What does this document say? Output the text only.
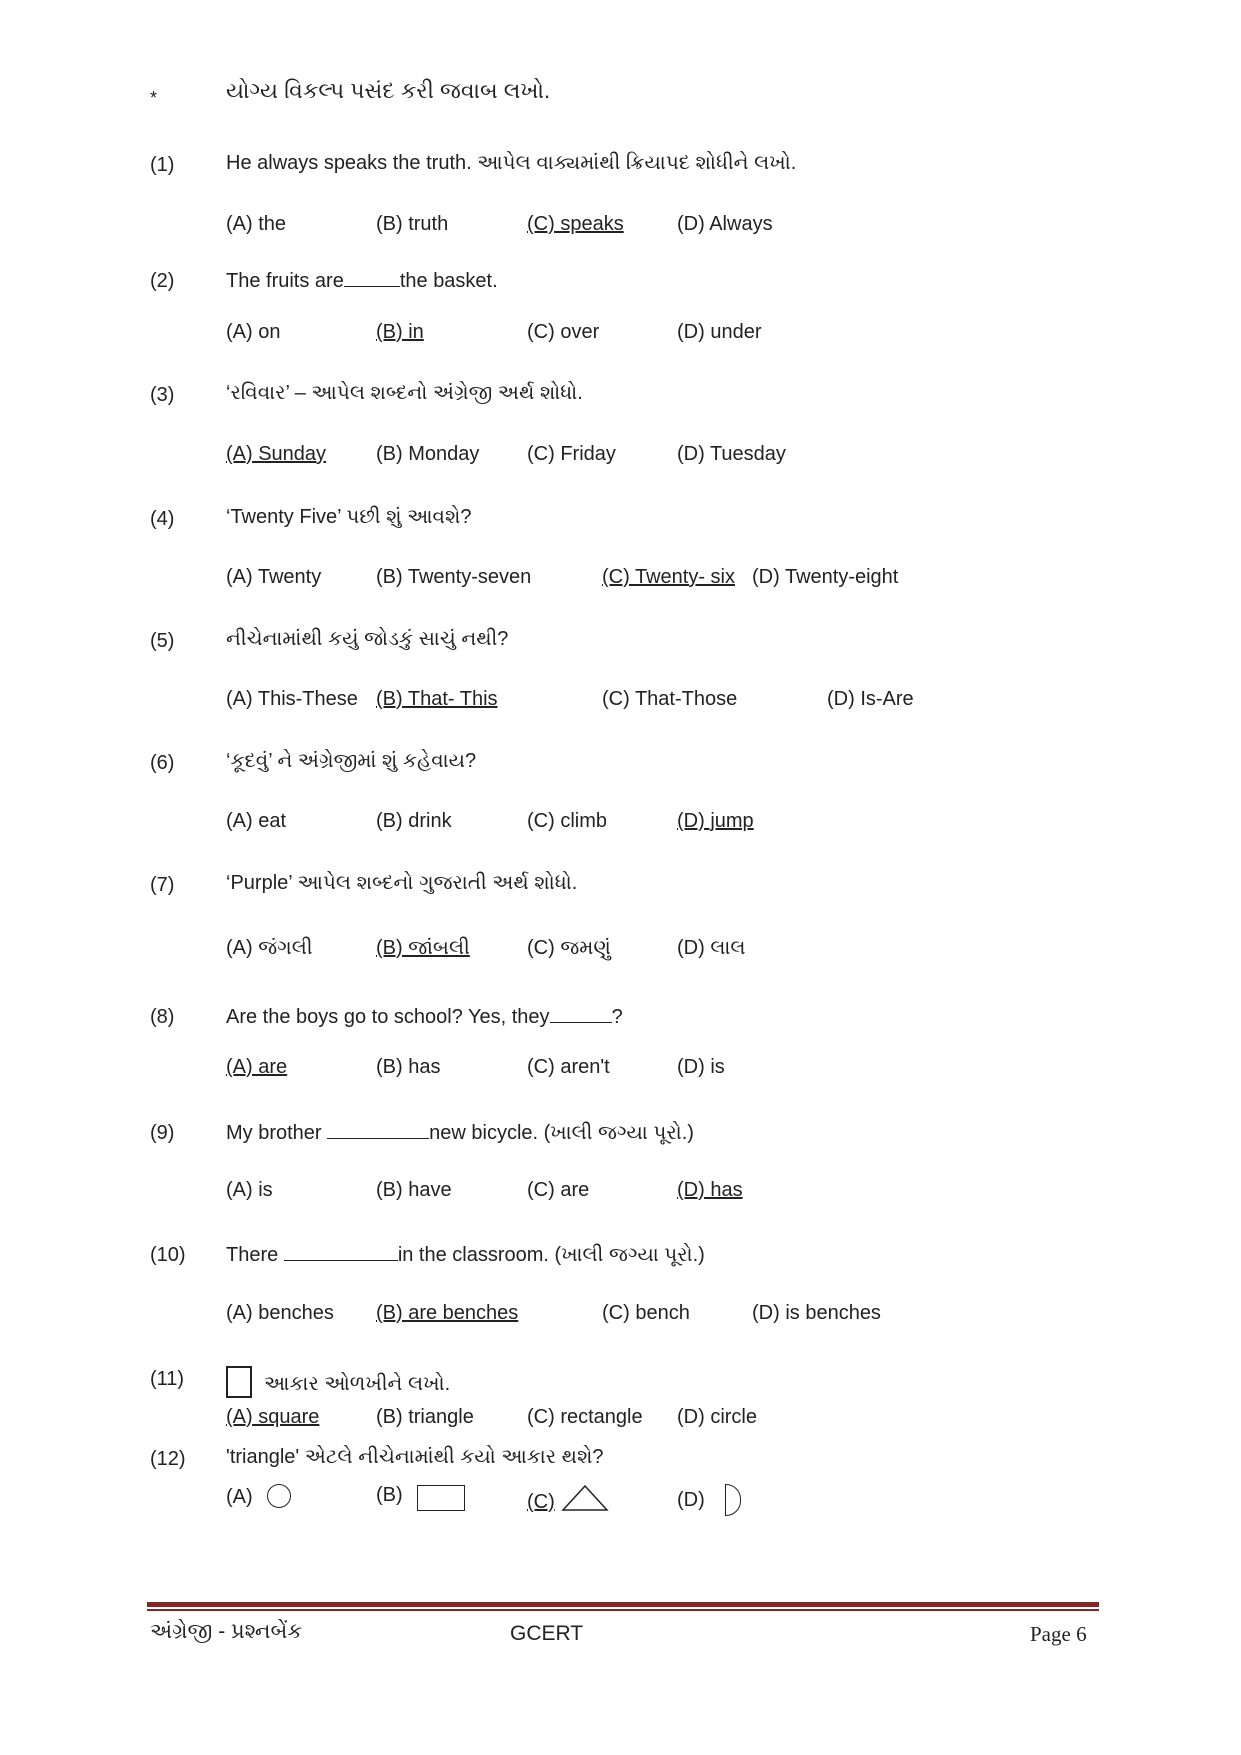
*	યોગ્ય વિકલ્પ પસંદ કરી જવાબ લખો.
(1)	He always speaks the truth. આપેલ વાક્યમાંથી ક્રિયાપદ શોધીને લખો.
(A) the	(B) truth	(C) speaks	(D) Always
(2)	The fruits are	the basket.
(A) on	(B) in	(C) over	(D) under
(3)	‘રવિવાર’ – આપેલ શબ્દનો અંગ્રેજી અર્થ શોધો.
(A) Sunday (B) Monday (C) Friday	(D) Tuesday
(4)	‘Twenty Five’ પછી શું આવશે?
(A) Twenty	(B) Twenty-seven	(C) Twenty- six (D) Twenty-eight
(5)	નીચેનામાંથી કયું જોડકું સાચું નથી?
(A) This-These (B) That- This	(C) That-Those	(D) Is-Are
(6)	‘કૂદવું’ ને અંગ્રેજીમાં શું કહેવાય?
(A) eat	(B) drink	(C) climb	(D) jump
(7)	‘Purple’ આપેલ શબ્દનો ગુજરાતી અર્થ શોધો.
(A) જંગલી	(B) જાંબલી	(C) જમણું	(D) લાલ
(8)	Are the boys go to school? Yes, they	?
(A) are	(B) has	(C) aren't	(D) is
(9)	My brother	new bicycle. (ખાલી જગ્યા પૂરો.)
(A) is	(B) have	(C) are	(D) has
(10) There	in the classroom. (ખાલી જગ્યા પૂરો.)
(A) benches (B) are benches	(C) bench	(D) is benches
(11)	આકાર ઓળખીને લખો.
(A) square	(B) triangle	(C) rectangle (D) circle
(12) 'triangle' એટલે નીચેનામાંથી કયો આકાર થશે?
(A)	(B)	(C)	(D)
અંગ્રેજી - પ્રશ્નબેંક	GCERT	Page 6
